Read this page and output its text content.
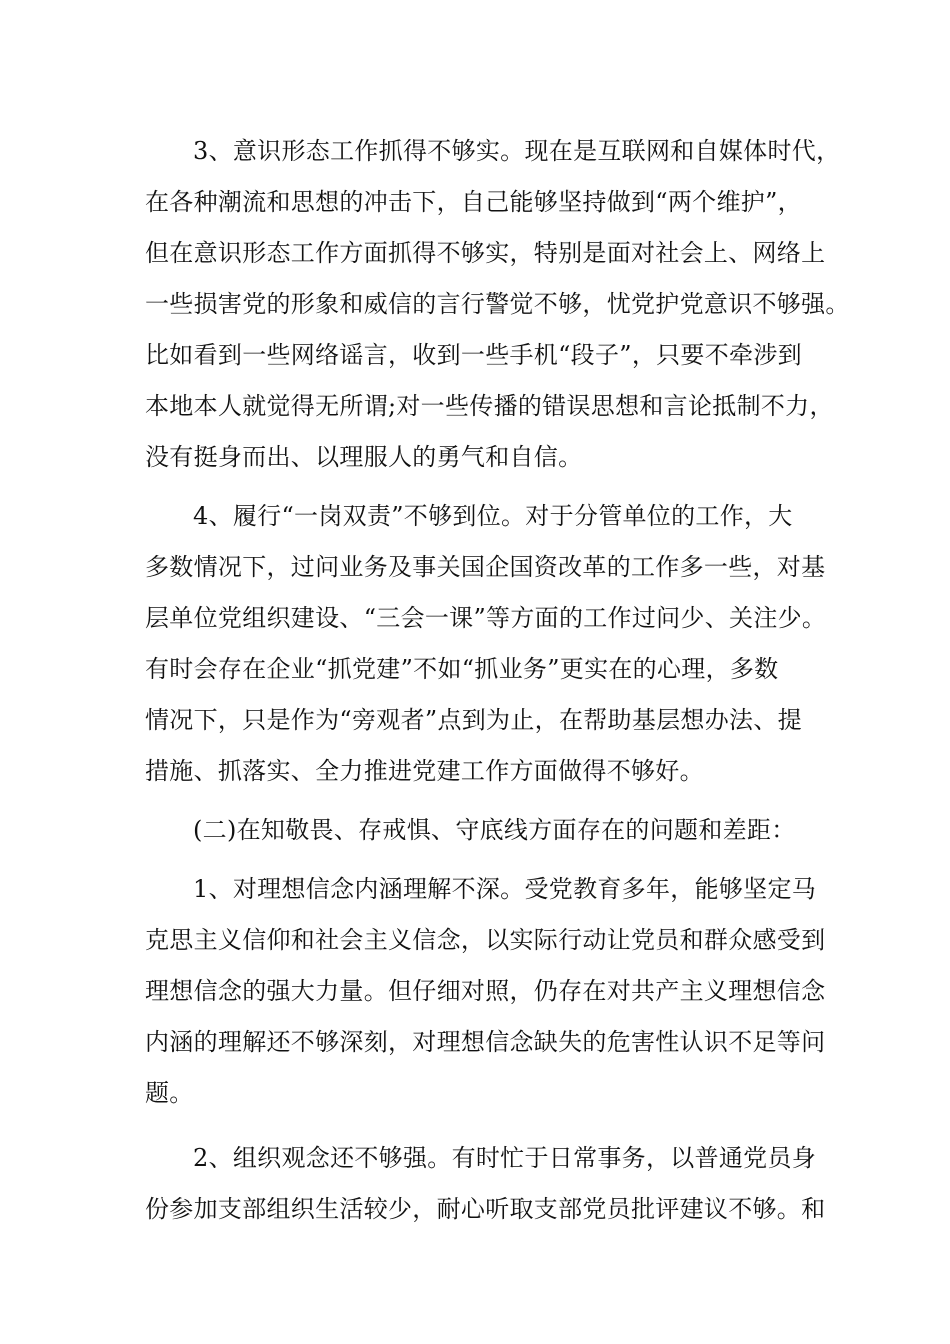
3、意识形态工作抓得不够实。现在是互联网和自媒体时代，
在各种潮流和思想的冲击下，自己能够坚持做到“两个维护”，
但在意识形态工作方面抓得不够实，特别是面对社会上、网络上
一些损害党的形象和威信的言行警觉不够，忧党护党意识不够强。
比如看到一些网络谣言，收到一些手机“段子”，只要不牵涉到
本地本人就觉得无所谓;对一些传播的错误思想和言论抵制不力，
没有挺身而出、以理服人的勇气和自信。
4、履行“一岗双责”不够到位。对于分管单位的工作，大
多数情况下，过问业务及事关国企国资改革的工作多一些，对基
层单位党组织建设、“三会一课”等方面的工作过问少、关注少。
有时会存在企业“抓党建”不如“抓业务”更实在的心理，多数
情况下，只是作为“旁观者”点到为止，在帮助基层想办法、提
措施、抓落实、全力推进党建工作方面做得不够好。
(二)在知敬畏、存戒惧、守底线方面存在的问题和差距：
1、对理想信念内涵理解不深。受党教育多年，能够坚定马
克思主义信仰和社会主义信念，以实际行动让党员和群众感受到
理想信念的强大力量。但仔细对照，仍存在对共产主义理想信念
内涵的理解还不够深刻，对理想信念缺失的危害性认识不足等问
题。
2、组织观念还不够强。有时忙于日常事务，以普通党员身
份参加支部组织生活较少，耐心听取支部党员批评建议不够。和
